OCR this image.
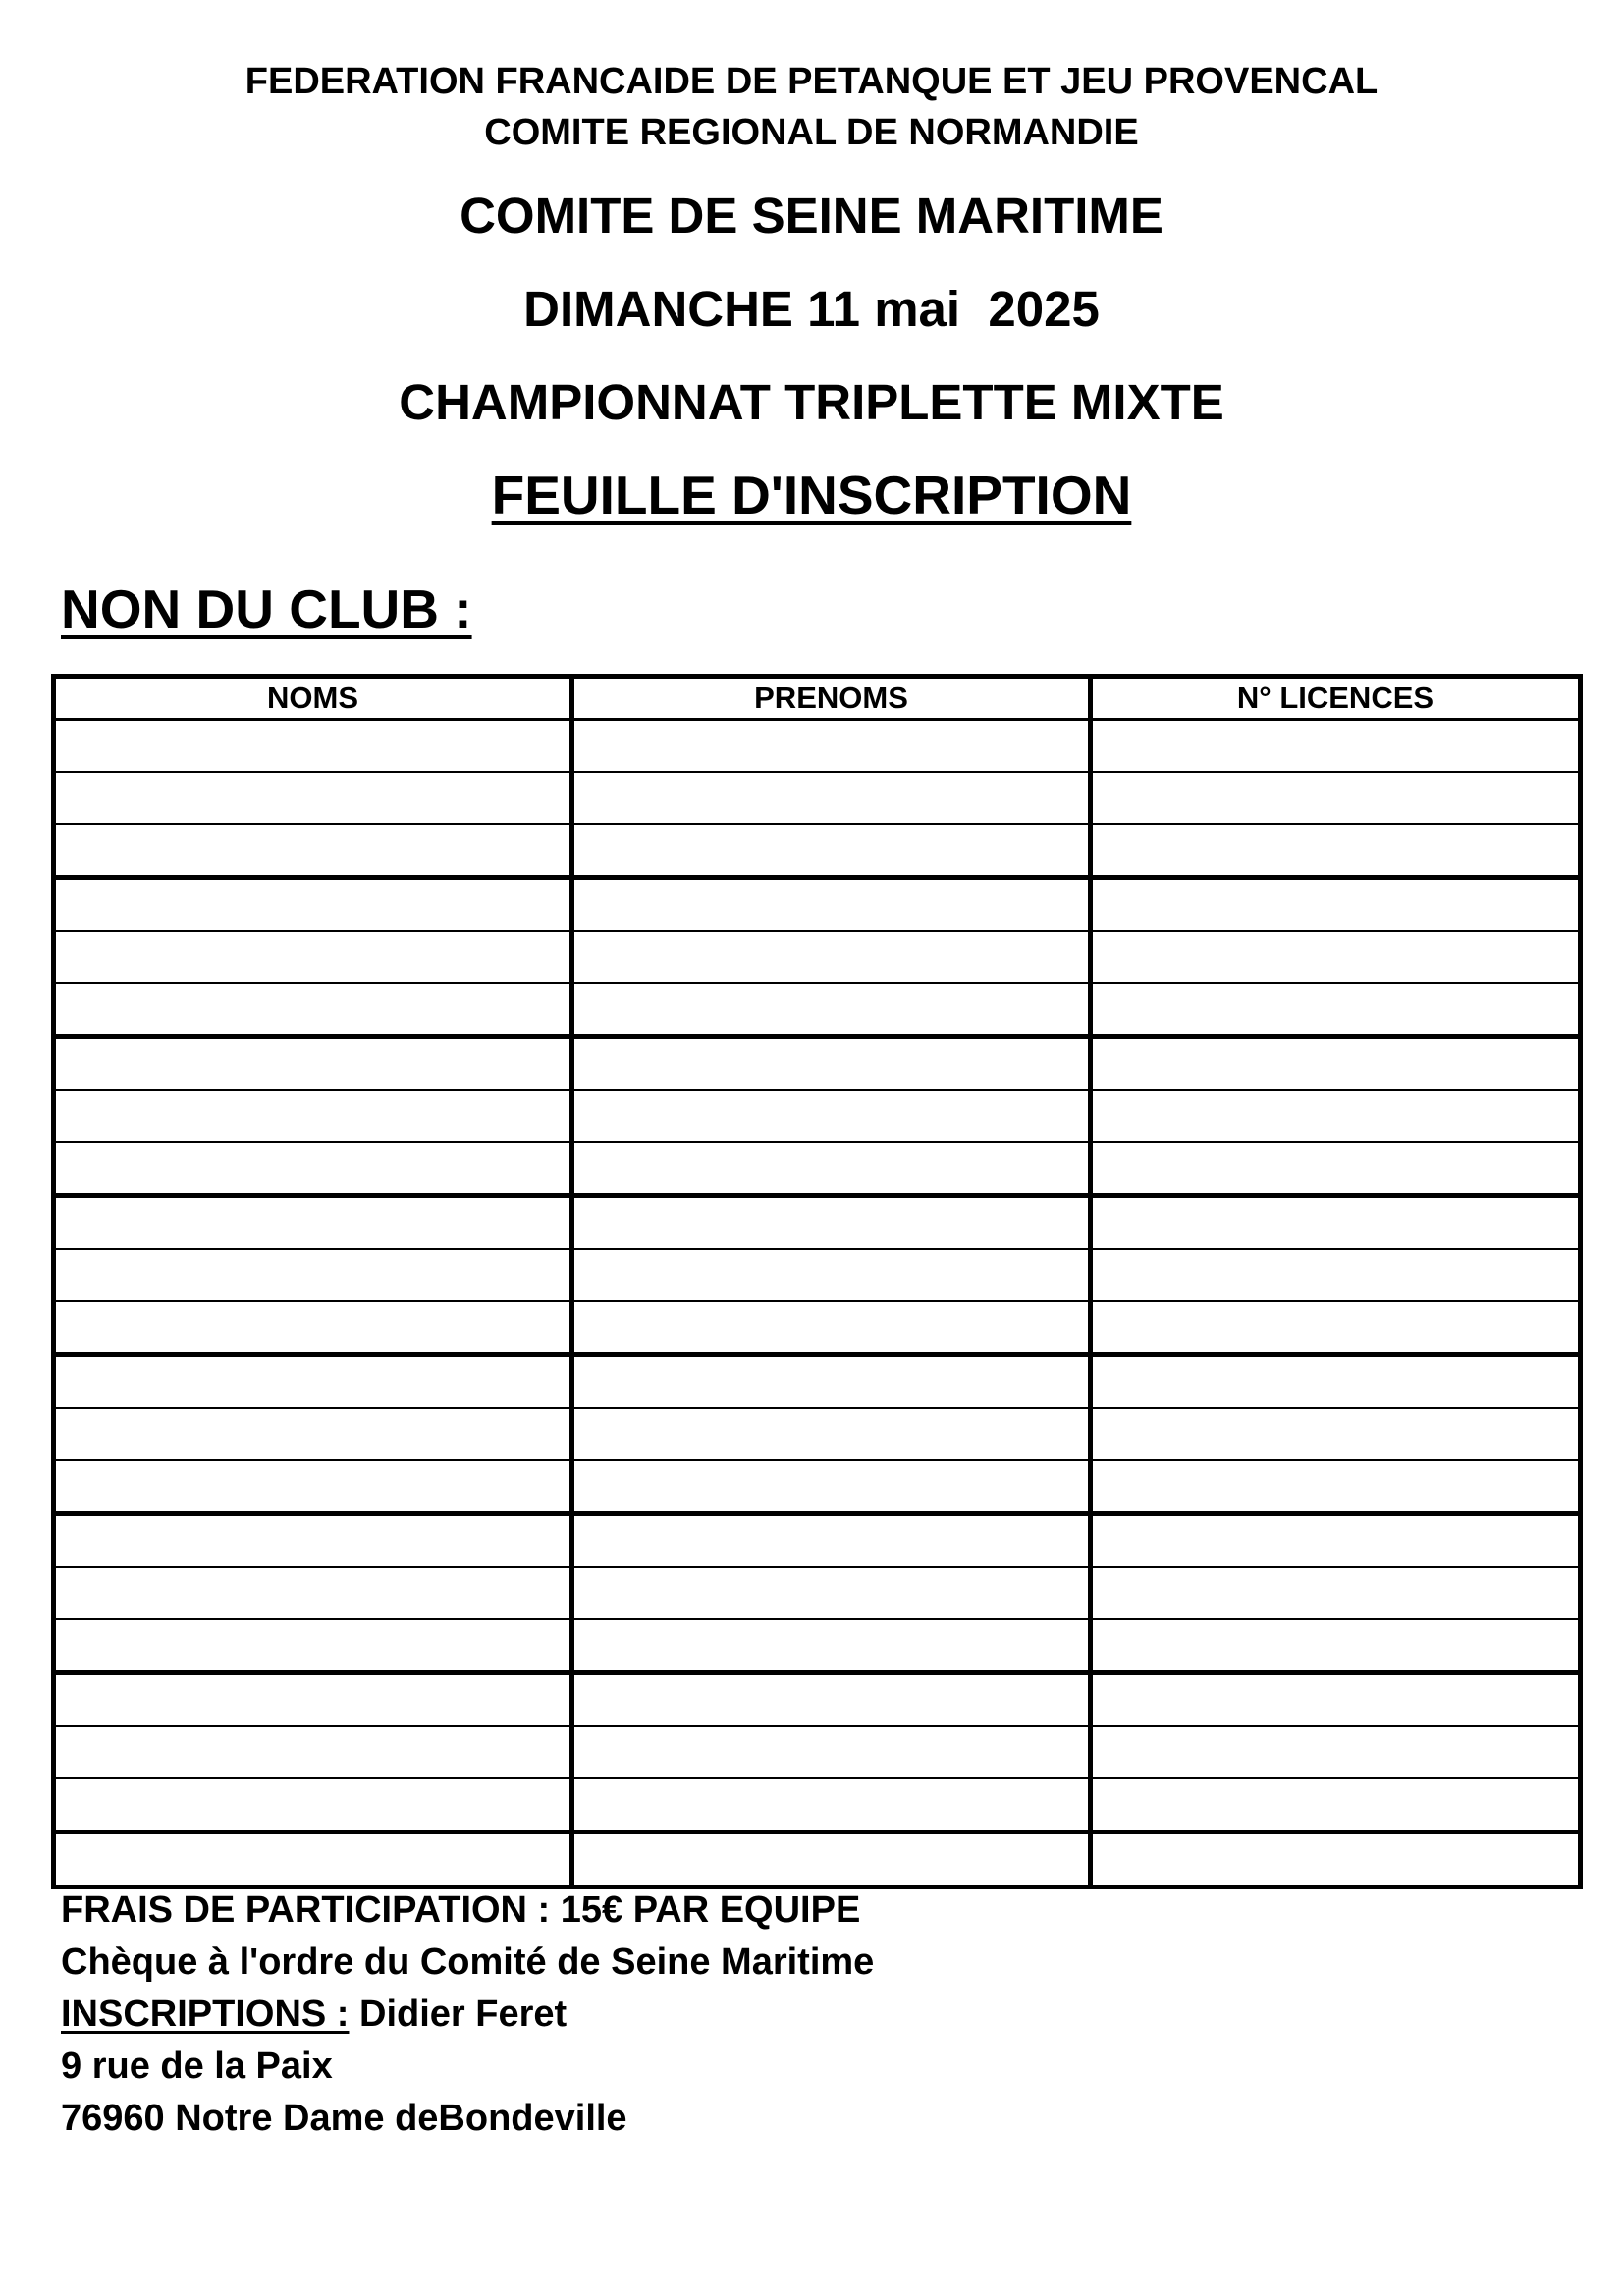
FEDERATION FRANCAIDE DE PETANQUE ET JEU PROVENCAL
COMITE REGIONAL DE NORMANDIE
COMITE DE SEINE MARITIME
DIMANCHE 11 mai  2025
CHAMPIONNAT TRIPLETTE MIXTE
FEUILLE D'INSCRIPTION
NON DU CLUB :
NOMS	PRENOMS	N° LICENCES

FRAIS DE PARTICIPATION : 15€ PAR EQUIPE
Chèque à l'ordre du Comité de Seine Maritime
INSCRIPTIONS : Didier Feret
9 rue de la Paix
76960 Notre Dame deBondeville
